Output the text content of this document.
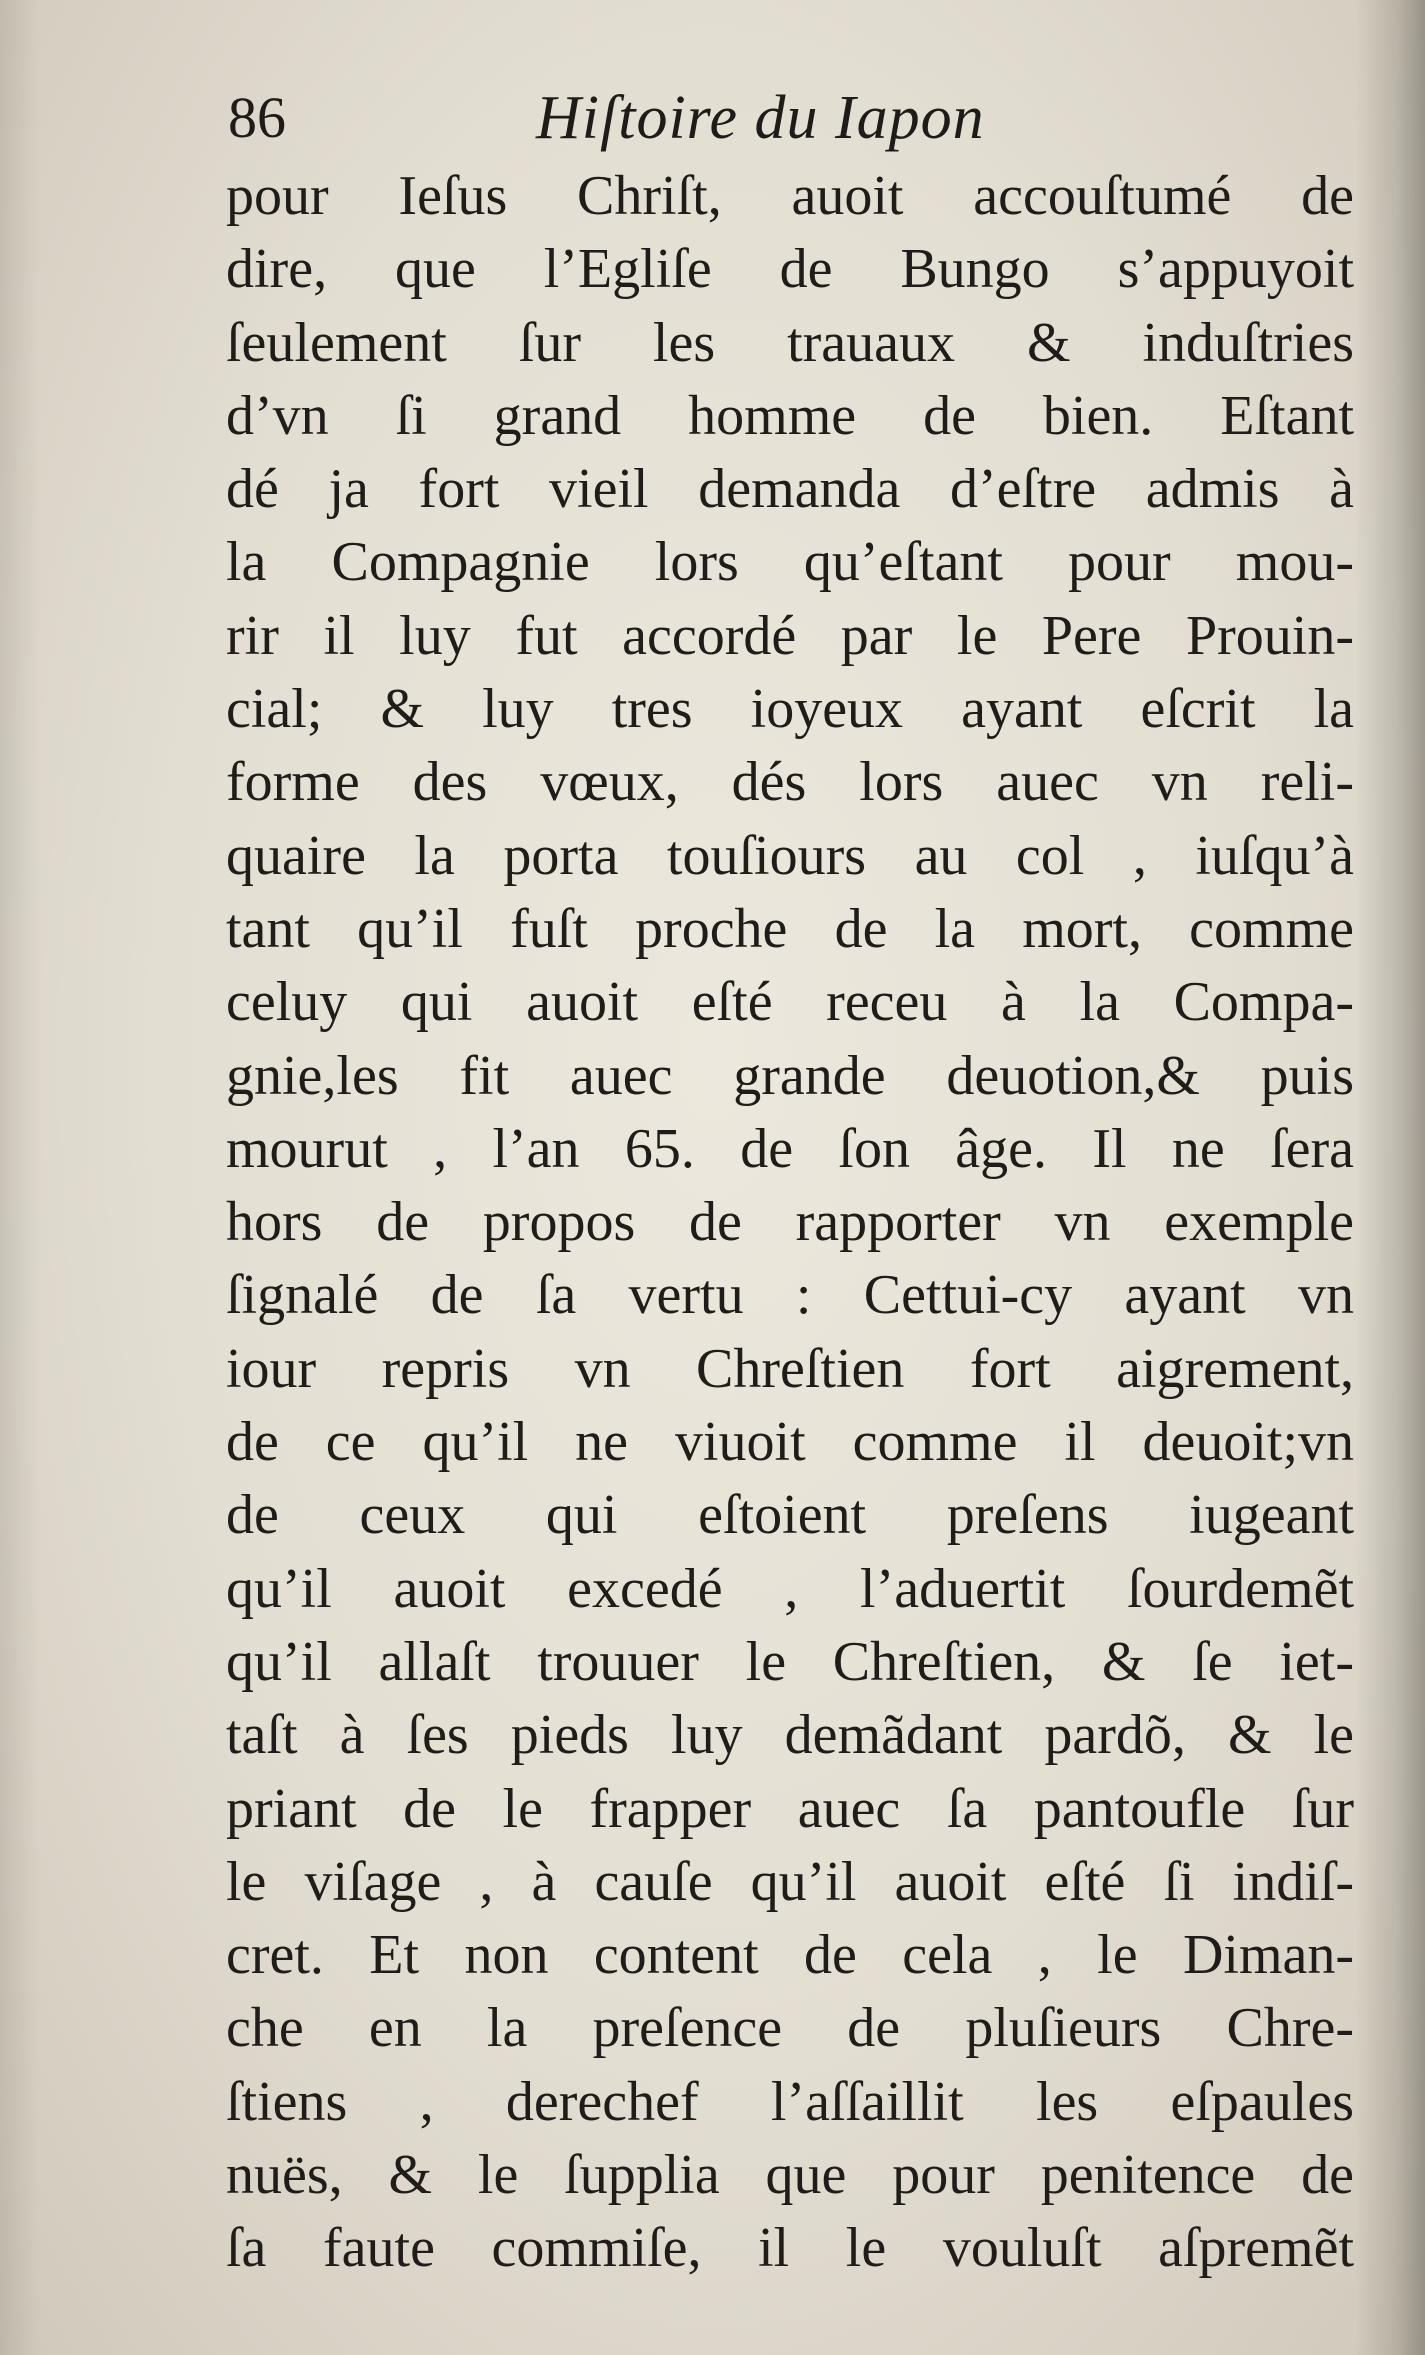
86	Hiſtoire du Iapon
pour Ieſus Chriſt, auoit accouſtumé de
dire, que l’Egliſe de Bungo s’appuyoit
ſeulement ſur les trauaux & induſtries
d’vn ſi grand homme de bien. Eſtant
dé ja fort vieil demanda d’eſtre admis à
la Compagnie lors qu’eſtant pour mou-
rir il luy fut accordé par le Pere Prouin-
cial; & luy tres ioyeux ayant eſcrit la
forme des vœux, dés lors auec vn reli-
quaire la porta touſiours au col , iuſqu’à
tant qu’il fuſt proche de la mort, comme
celuy qui auoit eſté receu à la Compa-
gnie,les fit auec grande deuotion,& puis
mourut , l’an 65. de ſon âge. Il ne ſera
hors de propos de rapporter vn exemple
ſignalé de ſa vertu : Cettui-cy ayant vn
iour repris vn Chreſtien fort aigrement,
de ce qu’il ne viuoit comme il deuoit;vn
de ceux qui eſtoient preſens iugeant
qu’il auoit excedé , l’aduertit ſourdemẽt
qu’il allaſt trouuer le Chreſtien, & ſe iet-
taſt à ſes pieds luy demãdant pardõ, & le
priant de le frapper auec ſa pantoufle ſur
le viſage , à cauſe qu’il auoit eſté ſi indiſ-
cret. Et non content de cela , le Diman-
che en la preſence de pluſieurs Chre-
ſtiens , derechef l’aſſaillit les eſpaules
nuës, & le ſupplia que pour penitence de
ſa faute commiſe, il le vouluſt aſpremẽt
